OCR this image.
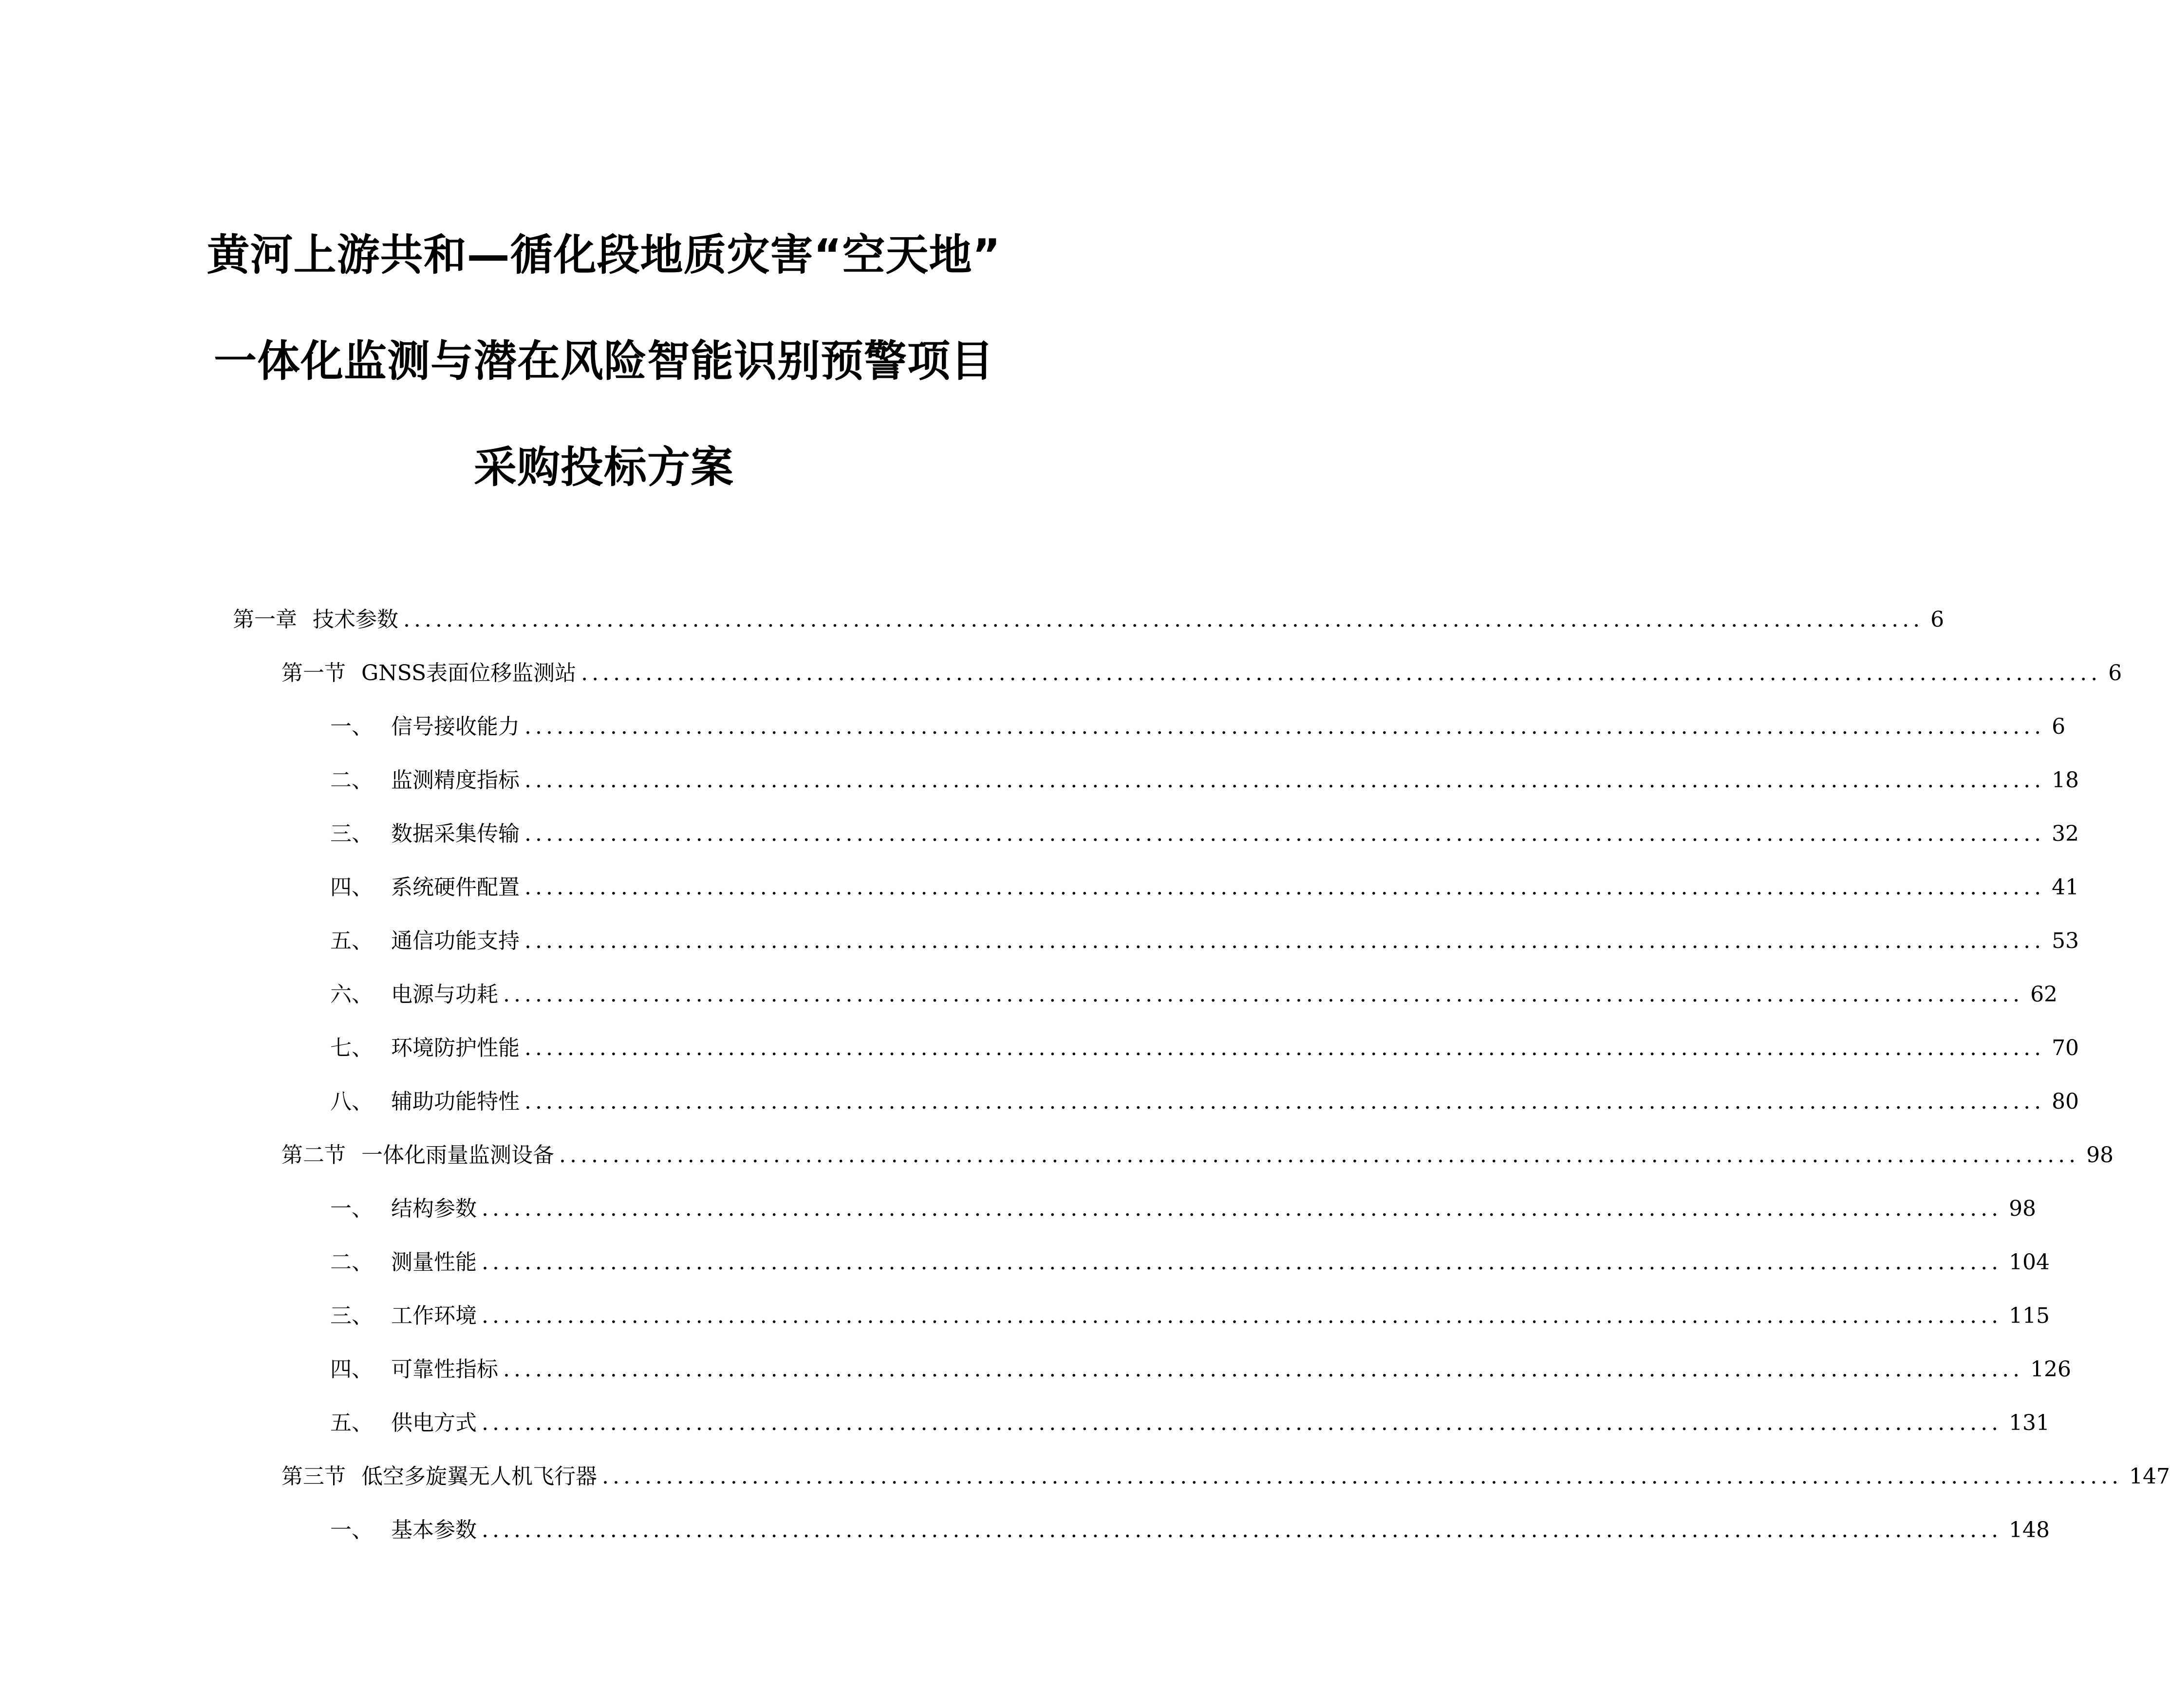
黄河上游共和—循化段地质灾害“空天地”
一体化监测与潜在风险智能识别预警项目
采购投标方案
第一章 技术参数 .............................................................................................................................................. 6
第一节 GNSS表面位移监测站 .............................................................................................................................................. 6
一、 信号接收能力 .............................................................................................................................................. 6
二、 监测精度指标 .............................................................................................................................................. 18
三、 数据采集传输 .............................................................................................................................................. 32
四、 系统硬件配置 .............................................................................................................................................. 41
五、 通信功能支持 .............................................................................................................................................. 53
六、 电源与功耗 .............................................................................................................................................. 62
七、 环境防护性能 .............................................................................................................................................. 70
八、 辅助功能特性 .............................................................................................................................................. 80
第二节 一体化雨量监测设备 .............................................................................................................................................. 98
一、 结构参数 .............................................................................................................................................. 98
二、 测量性能 .............................................................................................................................................. 104
三、 工作环境 .............................................................................................................................................. 115
四、 可靠性指标 .............................................................................................................................................. 126
五、 供电方式 .............................................................................................................................................. 131
第三节 低空多旋翼无人机飞行器 .............................................................................................................................................. 147
一、 基本参数 .............................................................................................................................................. 148
